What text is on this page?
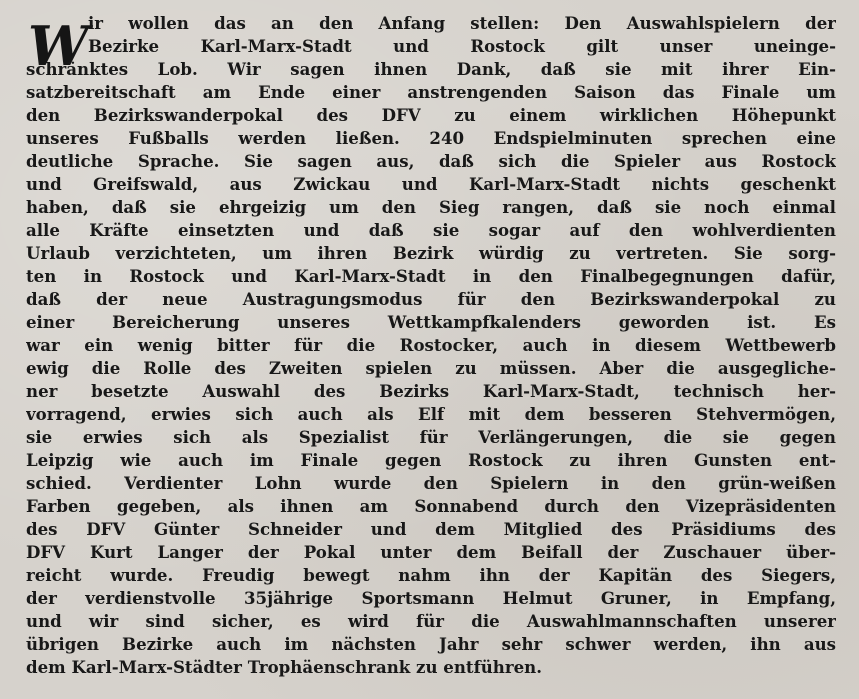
W ir wollen das an den Anfang stellen: Den Auswahlspielern der
Bezirke Karl-Marx-Stadt und Rostock gilt unser uneinge-
schränktes Lob. Wir sagen ihnen Dank, daß sie mit ihrer Ein-
satzbereitschaft am Ende einer anstrengenden Saison das Finale um
den Bezirkswanderpokal des DFV zu einem wirklichen Höhepunkt
unseres Fußballs werden ließen. 240 Endspielminuten sprechen eine
deutliche Sprache. Sie sagen aus, daß sich die Spieler aus Rostock
und Greifswald, aus Zwickau und Karl-Marx-Stadt nichts geschenkt
haben, daß sie ehrgeizig um den Sieg rangen, daß sie noch einmal
alle Kräfte einsetzten und daß sie sogar auf den wohlverdienten
Urlaub verzichteten, um ihren Bezirk würdig zu vertreten. Sie sorg-
ten in Rostock und Karl-Marx-Stadt in den Finalbegegnungen dafür,
daß der neue Austragungsmodus für den Bezirkswanderpokal zu
einer Bereicherung unseres Wettkampfkalenders geworden ist. Es
war ein wenig bitter für die Rostocker, auch in diesem Wettbewerb
ewig die Rolle des Zweiten spielen zu müssen. Aber die ausgegliche-
ner besetzte Auswahl des Bezirks Karl-Marx-Stadt, technisch her-
vorragend, erwies sich auch als Elf mit dem besseren Stehvermögen,
sie erwies sich als Spezialist für Verlängerungen, die sie gegen
Leipzig wie auch im Finale gegen Rostock zu ihren Gunsten ent-
schied. Verdienter Lohn wurde den Spielern in den grün-weißen
Farben gegeben, als ihnen am Sonnabend durch den Vizepräsidenten
des DFV Günter Schneider und dem Mitglied des Präsidiums des
DFV Kurt Langer der Pokal unter dem Beifall der Zuschauer über-
reicht wurde. Freudig bewegt nahm ihn der Kapitän des Siegers,
der verdienstvolle 35jährige Sportsmann Helmut Gruner, in Empfang,
und wir sind sicher, es wird für die Auswahlmannschaften unserer
übrigen Bezirke auch im nächsten Jahr sehr schwer werden, ihn aus
dem Karl-Marx-Städter Trophäenschrank zu entführen.
